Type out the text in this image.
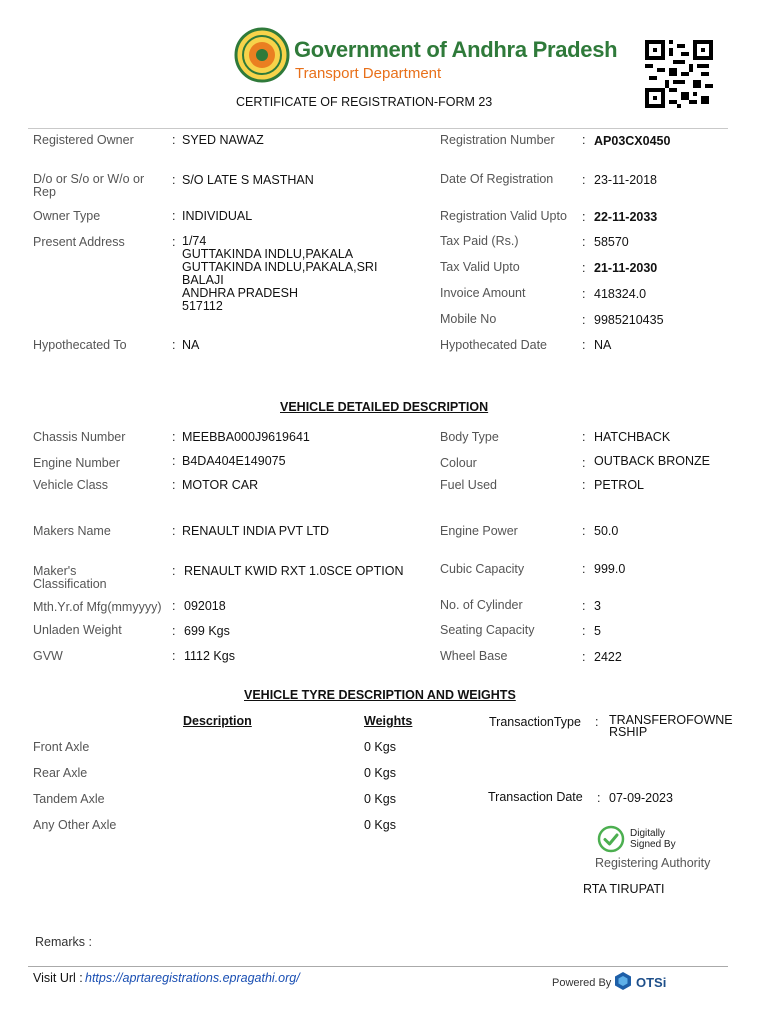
Government of Andhra Pradesh
Transport Department
CERTIFICATE OF REGISTRATION-FORM 23
Registered Owner	: SYED NAWAZ
D/o or S/o or W/o or Rep
: S/O LATE S MASTHAN
Owner Type	: INDIVIDUAL
Present Address	: 1/74
GUTTAKINDA INDLU,PAKALA
GUTTAKINDA INDLU,PAKALA,SRI
BALAJI
ANDHRA PRADESH
517112
Hypothecated To	: NA
Registration Number : AP03CX0450
Date Of Registration : 23-11-2018
Registration Valid Upto : 22-11-2033
Tax Paid (Rs.)	: 58570
Tax Valid Upto	: 21-11-2030
Invoice Amount	: 418324.0
Mobile No	: 9985210435
Hypothecated Date	: NA
VEHICLE DETAILED DESCRIPTION
Chassis Number	: MEEBBA000J9619641
Engine Number	: B4DA404E149075
Vehicle Class	: MOTOR CAR
Makers Name	: RENAULT INDIA PVT LTD
Maker's Classification
: RENAULT KWID RXT 1.0SCE OPTION
Mth.Yr.of Mfg(mmyyyy) : 092018
Unladen Weight	: 699 Kgs
GVW	: 1112 Kgs
Body Type	: HATCHBACK
Colour	: OUTBACK BRONZE
Fuel Used	: PETROL
Engine Power	: 50.0
Cubic Capacity	: 999.0
No. of Cylinder	: 3
Seating Capacity	: 5
Wheel Base	: 2422
VEHICLE TYRE DESCRIPTION AND WEIGHTS
Description	Weights
Front Axle	0 Kgs
Rear Axle	0 Kgs
Tandem Axle	0 Kgs
Any Other Axle	0 Kgs
TransactionType : TRANSFEROFOWNERSHIP
Transaction Date : 07-09-2023
Digitally Signed By
Registering Authority
RTA TIRUPATI
Remarks :
Visit Url : https://aprtaregistrations.epragathi.org/	Powered By OTSi
